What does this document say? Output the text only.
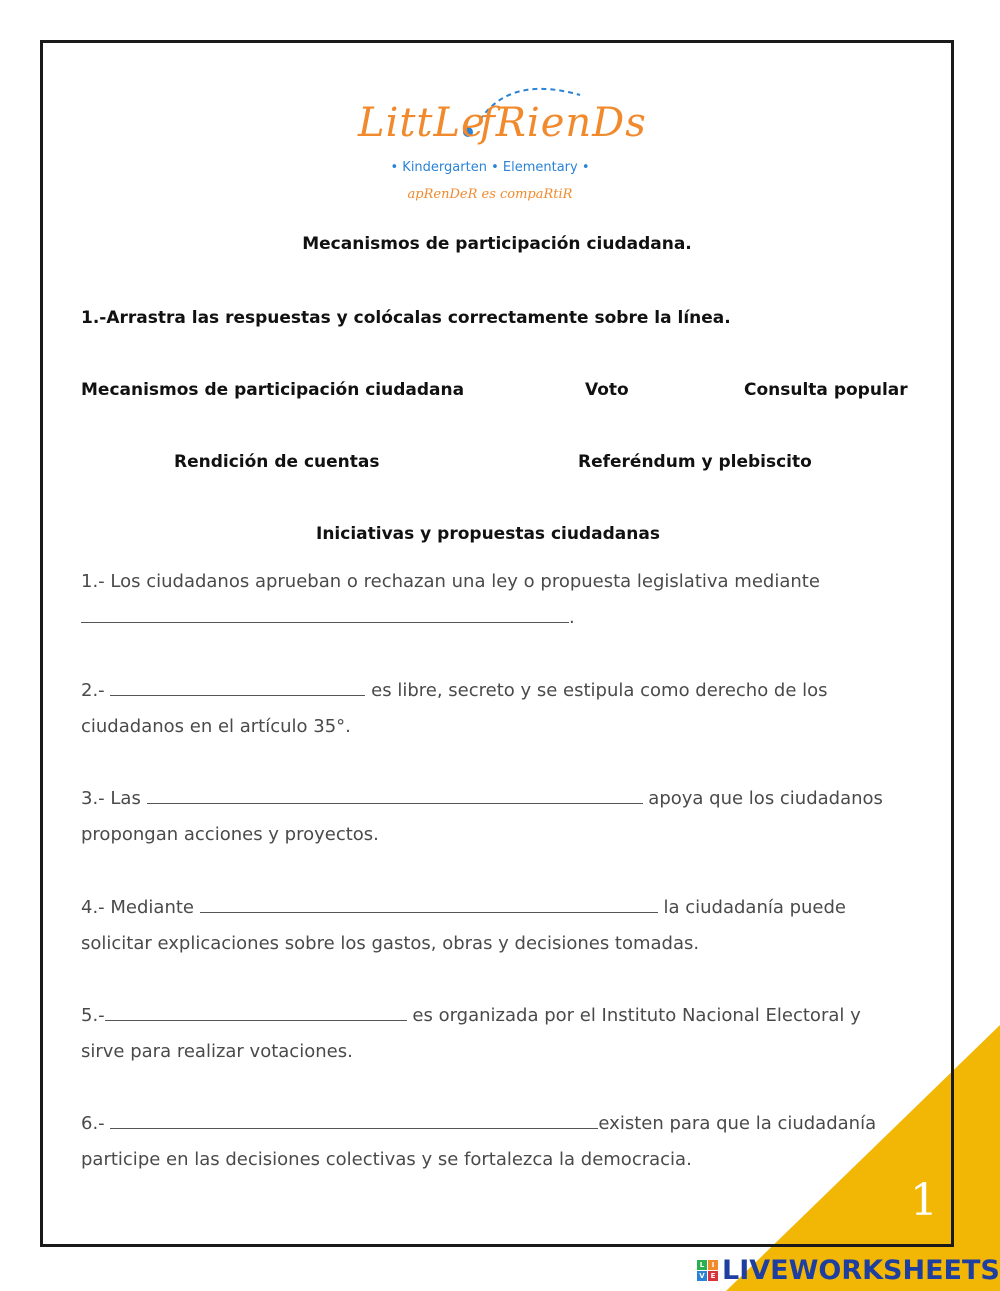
LittLe
fRienDs
• Kindergarten • Elementary •
apRenDeR es compaRtiR
Mecanismos de participación ciudadana.
1.-Arrastra las respuestas y colócalas correctamente sobre la línea.
Mecanismos de participación ciudadana	Voto	Consulta popular
Rendición de cuentas	Referéndum y plebiscito
Iniciativas y propuestas ciudadanas
1.- Los ciudadanos aprueban o rechazan una ley o propuesta legislativa mediante
.
2.-	es libre, secreto y se estipula como derecho de los
ciudadanos en el artículo 35°.
3.- Las	apoya que los ciudadanos
propongan acciones y proyectos.
4.- Mediante	la ciudadanía puede
solicitar explicaciones sobre los gastos, obras y decisiones tomadas.
5.-	es organizada por el Instituto Nacional Electoral y
sirve para realizar votaciones.
6.-	existen para que la ciudadanía
participe en las decisiones colectivas y se fortalezca la democracia.
1
L	I
V E LIVEWORKSHEETS
